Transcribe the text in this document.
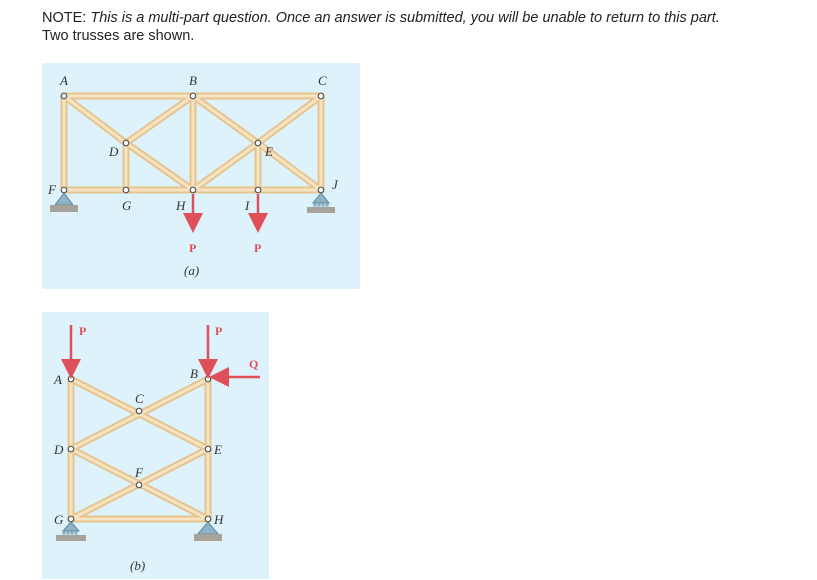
NOTE: This is a multi-part question. Once an answer is submitted, you will be unable to return to this part.
Two trusses are shown.
P	P
A	B	C
D	E
F
G	H	I
J
(a)
P	P
Q
A	B
C
D	E
F
G	H
(b)
